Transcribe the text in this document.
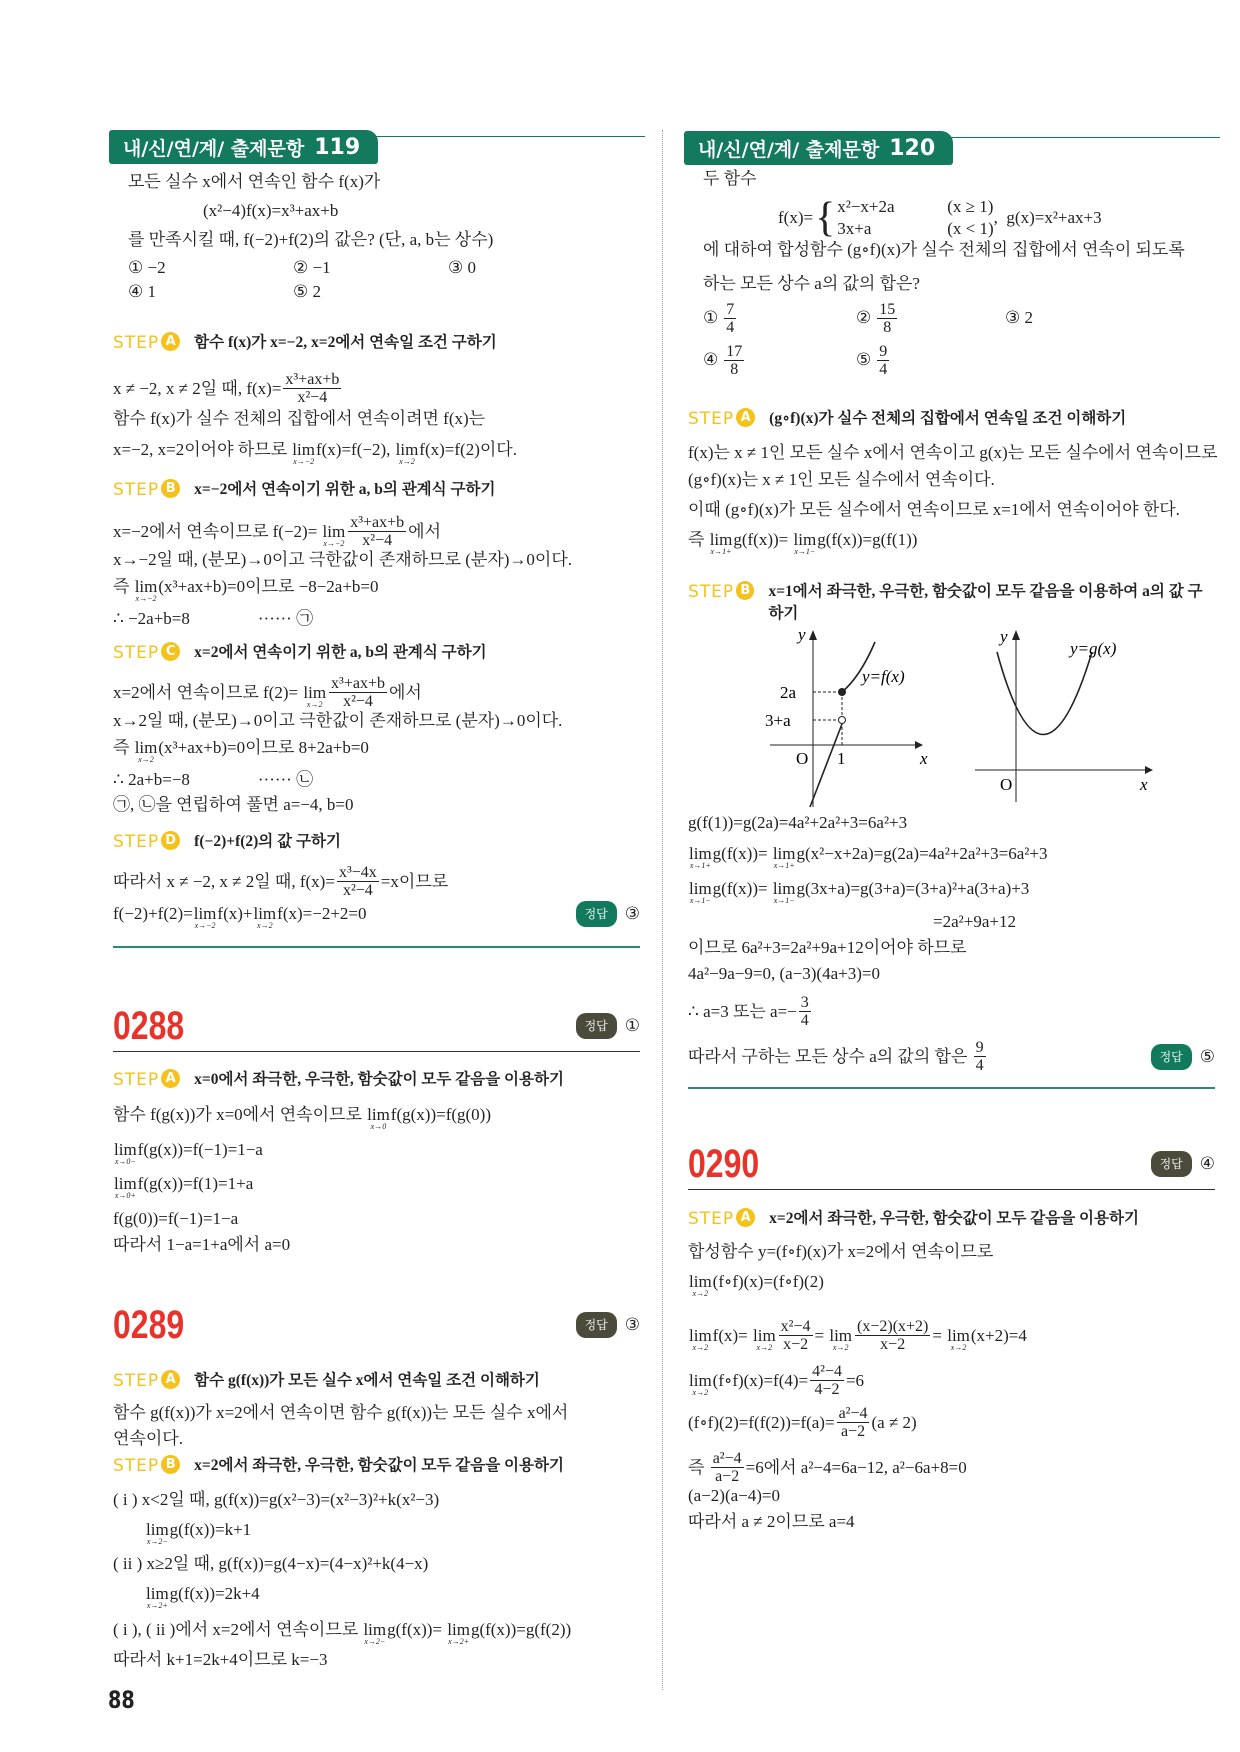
내/신/연/계/ 출제문항 119
모든 실수 x에서 연속인 함수 f(x)가
(x²−4)f(x)=x³+ax+b
를 만족시킬 때, f(−2)+f(2)의 값은? (단, a, b는 상수)
① −2	② −1	③ 0
④ 1	⑤ 2
STEP A 함수 f(x)가 x=−2, x=2에서 연속일 조건 구하기
x ≠ −2, x ≠ 2일 때, $f(x)= \frac{\text{x³+ax+b}}{\text{x²−4}}$
함수 f(x)가 실수 전체의 집합에서 연속이려면 f(x)는
x=−2, x=2이어야 하므로 lim
x→−2
f(x)=f(−2), lim
x→2
f(x)=f(2)이다.
STEP B x=−2에서 연속이기 위한 a, b의 관계식 구하기
x=−2에서 연속이므로 f(−2)= lim
$x\to-2 \frac{\text{x³+ax+b}}{\text{x²−4}}$ 에서
x→−2일 때, (분모)→0이고 극한값이 존재하므로 (분자)→0이다.
즉 lim
x→−2
(x³+ax+b)=0이므로 −8−2a+b=0
∴ −2a+b=8                ······ ㉠
STEP C	x=2에서 연속이기 위한 a, b의 관계식 구하기
x=2에서 연속이므로 f(2)= lim
$x\to 2 \frac{\text{x³+ax+b}}{\text{x²−4}}$ 에서
x→2일 때, (분모)→0이고 극한값이 존재하므로 (분자)→0이다.
즉 lim
x→2
(x³+ax+b)=0이므로 8+2a+b=0
∴ 2a+b=−8                ······ ㉡
㉠, ㉡을 연립하여 풀면 a=−4, b=0
STEP D f(−2)+f(2)의 값 구하기
따라서 x ≠ −2, x ≠ 2일 때, $f(x)= \frac{\text{x³−4x}}{\text{x²−4}} =x$이므로
f(−2)+f(2)= lim
x→−2
f(x)+ lim
x→2
f(x)=−2+2=0	정답	③
0288	정답	①
STEP A x=0에서 좌극한, 우극한, 함숫값이 모두 같음을 이용하기
함수 f(g(x))가 x=0에서 연속이므로 lim
x→0
f(g(x))=f(g(0))
lim
x→0−
f(g(x))=f(−1)=1−a
lim
x→0+
f(g(x))=f(1)=1+a
f(g(0))=f(−1)=1−a
따라서 1−a=1+a에서 a=0
0289	정답	③
STEP A 함수 g(f(x))가 모든 실수 x에서 연속일 조건 이해하기
함수 g(f(x))가 x=2에서 연속이면 함수 g(f(x))는 모든 실수 x에서
연속이다.
STEP B x=2에서 좌극한, 우극한, 함숫값이 모두 같음을 이용하기
( i ) x<2일 때, g(f(x))=g(x²−3)=(x²−3)²+k(x²−3)
lim
x→2−
g(f(x))=k+1
( ii ) x≥2일 때, g(f(x))=g(4−x)=(4−x)²+k(4−x)
lim
x→2+
g(f(x))=2k+4
( i ), ( ii )에서 x=2에서 연속이므로 lim
x→2−
g(f(x))= lim
x→2+
g(f(x))=g(f(2))
따라서 k+1=2k+4이므로 k=−3
내/신/연/계/ 출제문항 120
두 함수
f(x)= { x²−x+2a	(x ≥ 1)
3x+a	(x < 1)
,  g(x)=x²+ax+3
에 대하여 합성함수 (g∘f)(x)가 실수 전체의 집합에서 연속이 되도록
하는 모든 상수 a의 값의 합은?
① $\frac{7}{4}$	② $\frac{15}{8}$	③ 2
④ $\frac{17}{8}$	⑤ $\frac{9}{4}$
STEP A (g∘f)(x)가 실수 전체의 집합에서 연속일 조건 이해하기
f(x)는 x ≠ 1인 모든 실수 x에서 연속이고 g(x)는 모든 실수에서 연속이므로
(g∘f)(x)는 x ≠ 1인 모든 실수에서 연속이다.
이때 (g∘f)(x)가 모든 실수에서 연속이므로 x=1에서 연속이어야 한다.
즉 lim
x→1+
g(f(x))= lim
x→1−
g(f(x))=g(f(1))
STEP B x=1에서 좌극한, 우극한, 함숫값이 모두 같음을 이용하여 a의 값 구하기
g(f(1))=g(2a)=4a²+2a²+3=6a²+3
lim
x→1+
g(f(x))= lim
x→1+
g(x²−x+2a)=g(2a)=4a²+2a²+3=6a²+3
lim
x→1−
g(f(x))= lim
x→1−
g(3x+a)=g(3+a)=(3+a)²+a(3+a)+3
=2a²+9a+12
이므로 6a²+3=2a²+9a+12이어야 하므로
4a²−9a−9=0, (a−3)(4a+3)=0
∴ a=3 또는 $a=- \frac{3}{4}$
따라서 구하는 모든 상수 a의 값의 합은 $\frac{9}{4}$	정답	⑤
0290	정답	④
STEP A x=2에서 좌극한, 우극한, 함숫값이 모두 같음을 이용하기
합성함수 y=(f∘f)(x)가 x=2에서 연속이므로
lim
x→2
(f∘f)(x)=(f∘f)(2)
lim
x→2
f(x)= lim
$x\to 2 \frac{\text{x²−4}}{x-2} = \lim$
$x\to 2 \frac{(x-2)(x+2)}{x-2} = \lim$
x→2
(x+2)=4
lim
x→2
(f∘f)(x)=f(4)= $\frac{\text{4²−4}}{4-2} =6$
(f∘f)(2)=f(f(2))=f(a)= $\frac{\text{a²−4}}{a-2} (a \ne 2)$
즉 $\frac{\text{a²−4}}{a-2} =6$에서 a²−4=6a−12, a²−6a+8=0
(a−2)(a−4)=0
따라서 a ≠ 2이므로 a=4
y
x
O 1
2a
3+a
y=f(x)
y
x
O
y=g(x)
88
